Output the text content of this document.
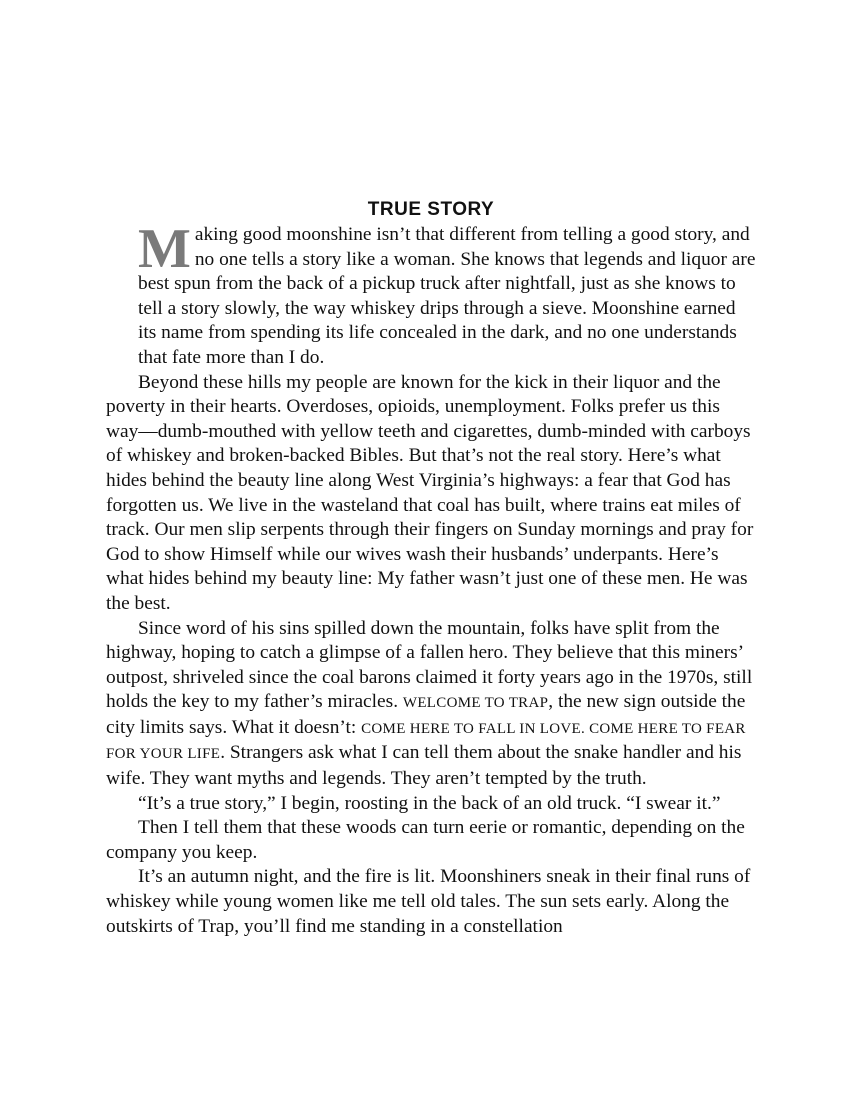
TRUE STORY

Making good moonshine isn’t that different from telling a good story, and no one tells a story like a woman. She knows that legends and liquor are best spun from the back of a pickup truck after nightfall, just as she knows to tell a story slowly, the way whiskey drips through a sieve. Moonshine earned its name from spending its life concealed in the dark, and no one understands that fate more than I do.

Beyond these hills my people are known for the kick in their liquor and the poverty in their hearts. Overdoses, opioids, unemployment. Folks prefer us this way—dumb-mouthed with yellow teeth and cigarettes, dumb-minded with carboys of whiskey and broken-backed Bibles. But that’s not the real story. Here’s what hides behind the beauty line along West Virginia’s highways: a fear that God has forgotten us. We live in the wasteland that coal has built, where trains eat miles of track. Our men slip serpents through their fingers on Sunday mornings and pray for God to show Himself while our wives wash their husbands’ underpants. Here’s what hides behind my beauty line: My father wasn’t just one of these men. He was the best.

Since word of his sins spilled down the mountain, folks have split from the highway, hoping to catch a glimpse of a fallen hero. They believe that this miners’ outpost, shriveled since the coal barons claimed it forty years ago in the 1970s, still holds the key to my father’s miracles. WELCOME TO TRAP, the new sign outside the city limits says. What it doesn’t: COME HERE TO FALL IN LOVE. COME HERE TO FEAR FOR YOUR LIFE. Strangers ask what I can tell them about the snake handler and his wife. They want myths and legends. They aren’t tempted by the truth.

“It’s a true story,” I begin, roosting in the back of an old truck. “I swear it.”

Then I tell them that these woods can turn eerie or romantic, depending on the company you keep.

It’s an autumn night, and the fire is lit. Moonshiners sneak in their final runs of whiskey while young women like me tell old tales. The sun sets early. Along the outskirts of Trap, you’ll find me standing in a constellation
